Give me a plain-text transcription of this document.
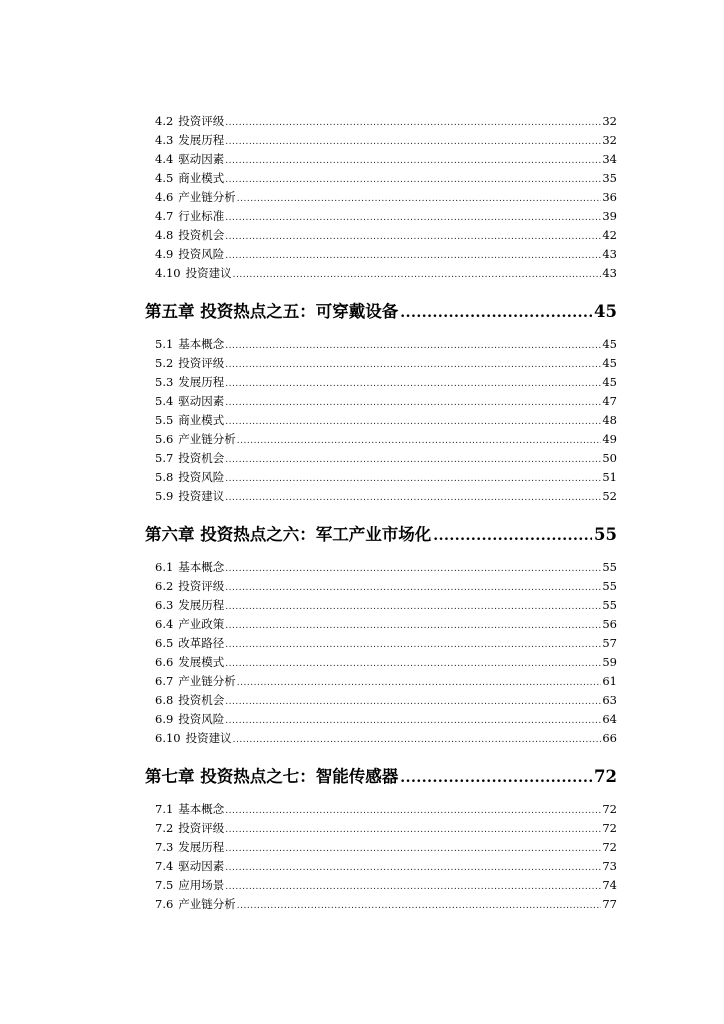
4.2 投资评级 .....	32
4.3 发展历程 .....	32
4.4 驱动因素 .....	34
4.5 商业模式 .....	35
4.6 产业链分析 .....	36
4.7 行业标准 .....	39
4.8 投资机会 .....	42
4.9 投资风险 .....	43
4.10 投资建议 .....	43
第五章 投资热点之五：可穿戴设备 .....	45
5.1 基本概念 .....	45
5.2 投资评级 .....	45
5.3 发展历程 .....	45
5.4 驱动因素 .....	47
5.5 商业模式 .....	48
5.6 产业链分析 .....	49
5.7 投资机会 .....	50
5.8 投资风险 .....	51
5.9 投资建议 .....	52
第六章 投资热点之六：军工产业市场化 .....	55
6.1 基本概念 .....	55
6.2 投资评级 .....	55
6.3 发展历程 .....	55
6.4 产业政策 .....	56
6.5 改革路径 .....	57
6.6 发展模式 .....	59
6.7 产业链分析 .....	61
6.8 投资机会 .....	63
6.9 投资风险 .....	64
6.10 投资建议 .....	66
第七章 投资热点之七：智能传感器 .....	72
7.1 基本概念 .....	72
7.2 投资评级 .....	72
7.3 发展历程 .....	72
7.4 驱动因素 .....	73
7.5 应用场景 .....	74
7.6 产业链分析 .....	77
